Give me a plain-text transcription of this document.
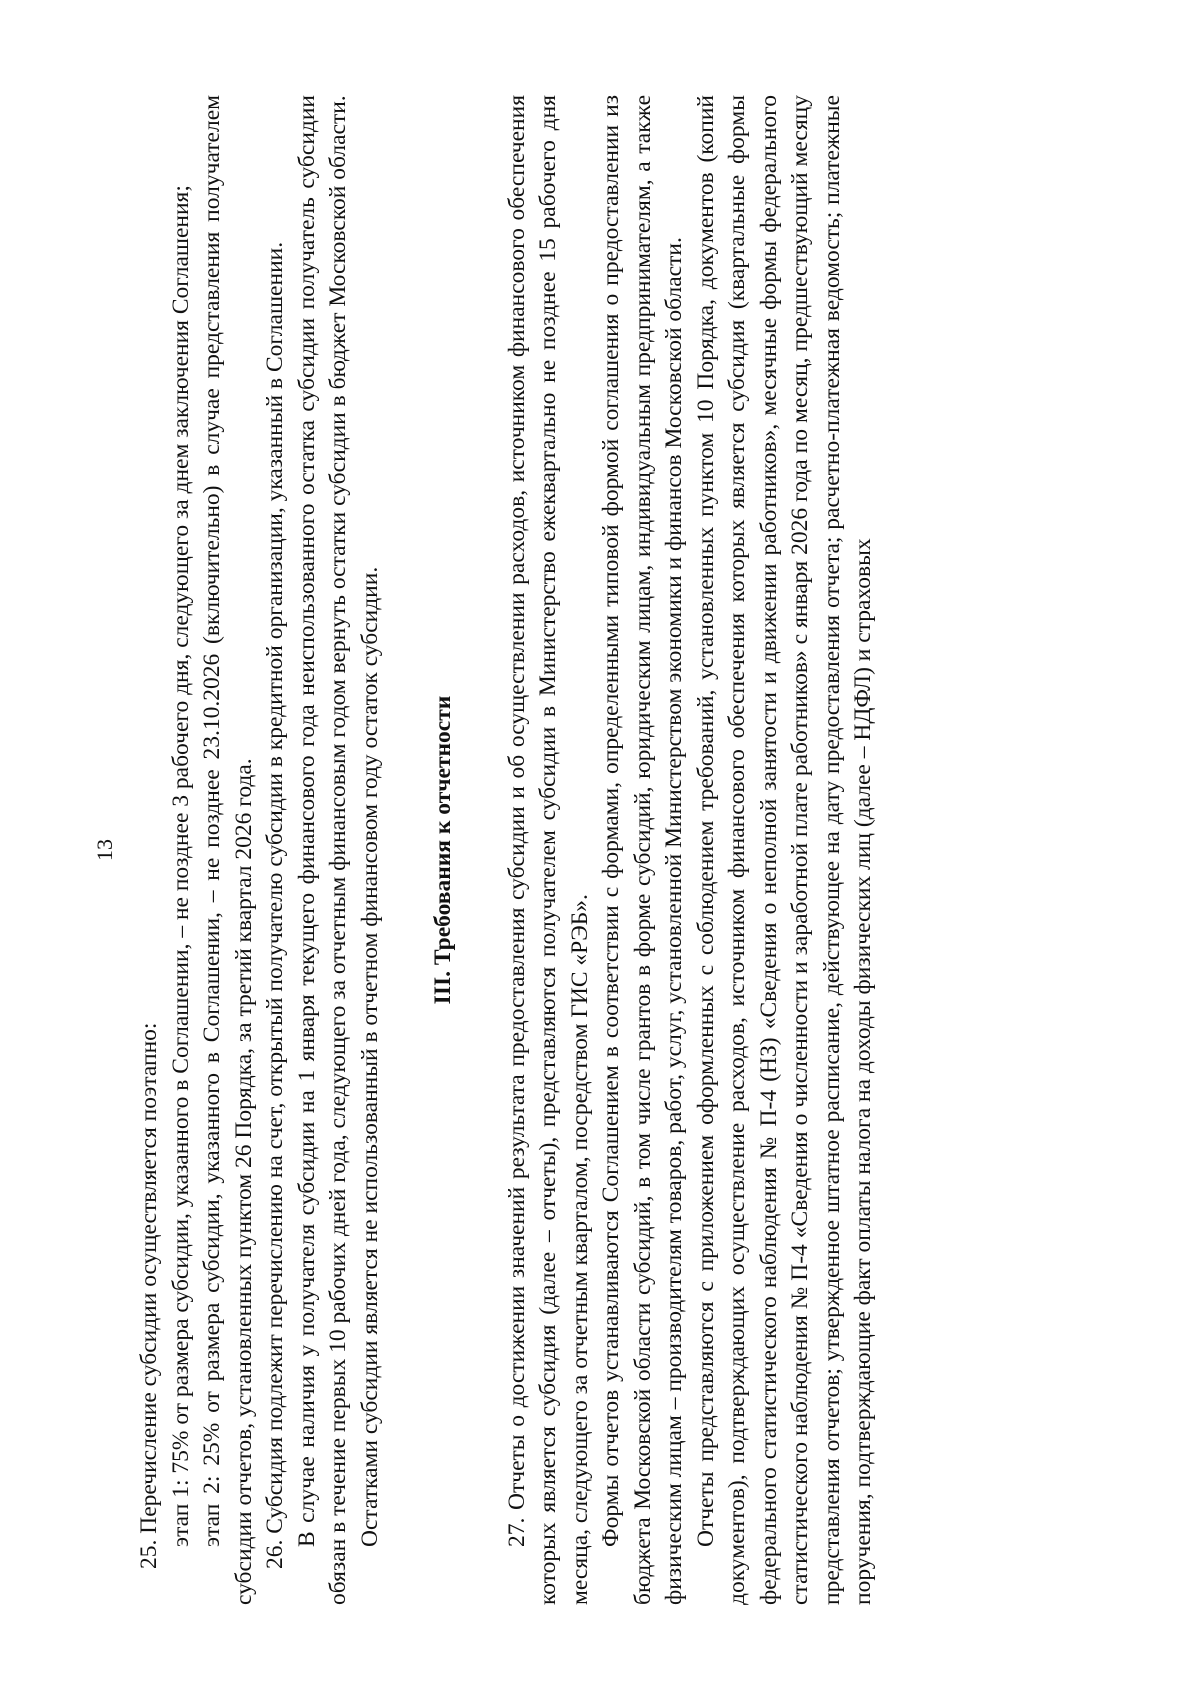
13

25. Перечисление субсидии осуществляется поэтапно: этап 1: 75% от размера субсидии, указанного в Соглашении, – не позднее 3 рабочего дня, следующего за днем заключения Соглашения; этап 2: 25% от размера субсидии, указанного в Соглашении, – не позднее 23.10.2026 (включительно) в случае представления получателем субсидии отчетов, установленных пунктом 26 Порядка, за третий квартал 2026 года. 26. Субсидия подлежит перечислению на счет, открытый получателю субсидии в кредитной организации, указанный в Соглашении. В случае наличия у получателя субсидии на 1 января текущего финансового года неиспользованного остатка субсидии получатель субсидии обязан в течение первых 10 рабочих дней года, следующего за отчетным финансовым годом вернуть остатки субсидии в бюджет Московской области. Остатками субсидии является не использованный в отчетном финансовом году остаток субсидии. III. Требования к отчетности 27. Отчеты о достижении значений результата предоставления субсидии и об осуществлении расходов, источником финансового обеспечения которых является субсидия (далее – отчеты), представляются получателем субсидии в Министерство ежеквартально не позднее 15 рабочего дня месяца, следующего за отчетным кварталом, посредством ГИС «РЭБ». Формы отчетов устанавливаются Соглашением в соответствии с формами, определенными типовой формой соглашения о предоставлении из бюджета Московской области субсидий, в том числе грантов в форме субсидий, юридическим лицам, индивидуальным предпринимателям, а также физическим лицам – производителям товаров, работ, услуг, установленной Министерством экономики и финансов Московской области. Отчеты представляются с приложением оформленных с соблюдением требований, установленных пунктом 10 Порядка, документов (копий документов), подтверждающих осуществление расходов, источником финансового обеспечения которых является субсидия (квартальные формы федерального статистического наблюдения № П-4 (НЗ) «Сведения о неполной занятости и движении работников», месячные формы федерального статистического наблюдения № П-4 «Сведения о численности и заработной плате работников» с января 2026 года по месяц, предшествующий месяцу представления отчетов; утвержденное штатное расписание, действующее на дату предоставления отчета; расчетно-платежная ведомость; платежные поручения, подтверждающие факт оплаты налога на доходы физических лиц (далее – НДФЛ) и страховых
